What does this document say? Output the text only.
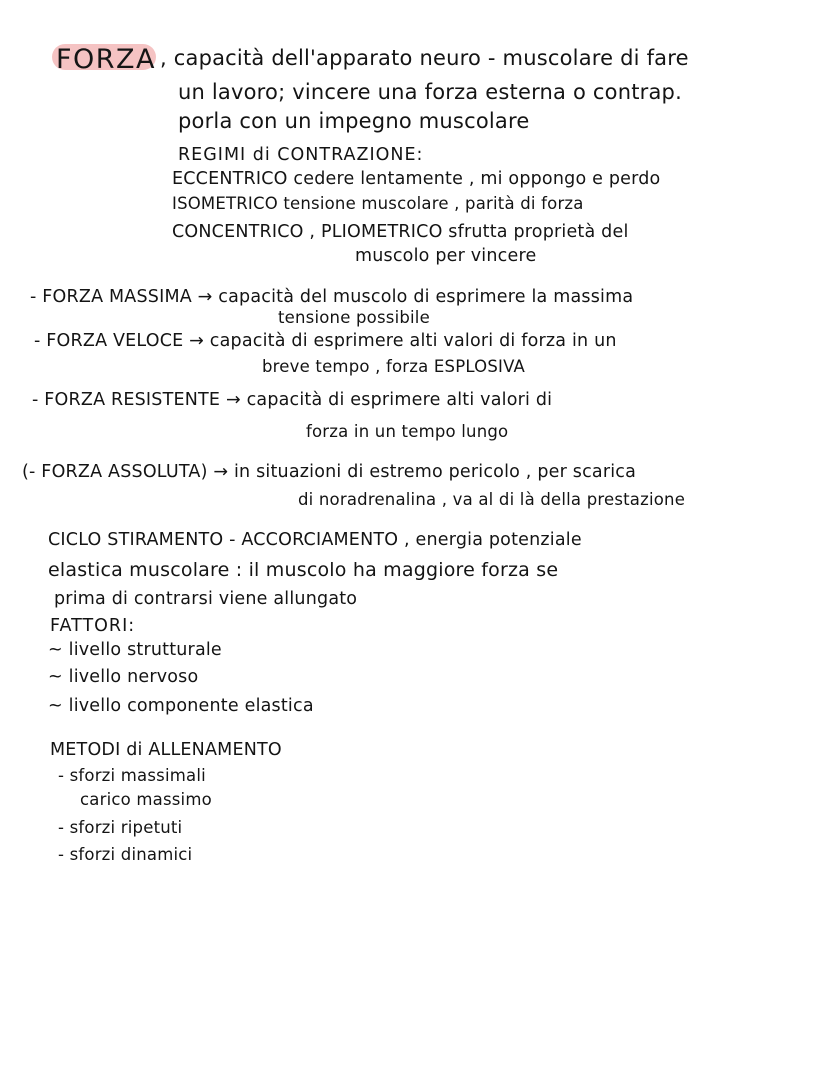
FORZA , capacità dell'apparato neuro - muscolare di fare
un lavoro; vincere una forza esterna o contrap.
porla con un impegno muscolare
REGIMI di CONTRAZIONE:
ECCENTRICO cedere lentamente , mi oppongo e perdo
ISOMETRICO tensione muscolare , parità di forza
CONCENTRICO , PLIOMETRICO sfrutta proprietà del
muscolo per vincere
- FORZA MASSIMA → capacità del muscolo di esprimere la massima
tensione possibile
- FORZA VELOCE → capacità di esprimere alti valori di forza in un
breve tempo , forza ESPLOSIVA
- FORZA RESISTENTE → capacità di esprimere alti valori di
forza in un tempo lungo
(- FORZA ASSOLUTA) → in situazioni di estremo pericolo , per scarica
di noradrenalina , va al di là della prestazione
CICLO STIRAMENTO - ACCORCIAMENTO , energia potenziale
elastica muscolare : il muscolo ha maggiore forza se
prima di contrarsi viene allungato
FATTORI:
~ livello strutturale
~ livello nervoso
~ livello componente elastica
METODI di ALLENAMENTO
- sforzi massimali
carico massimo
- sforzi ripetuti
- sforzi dinamici
